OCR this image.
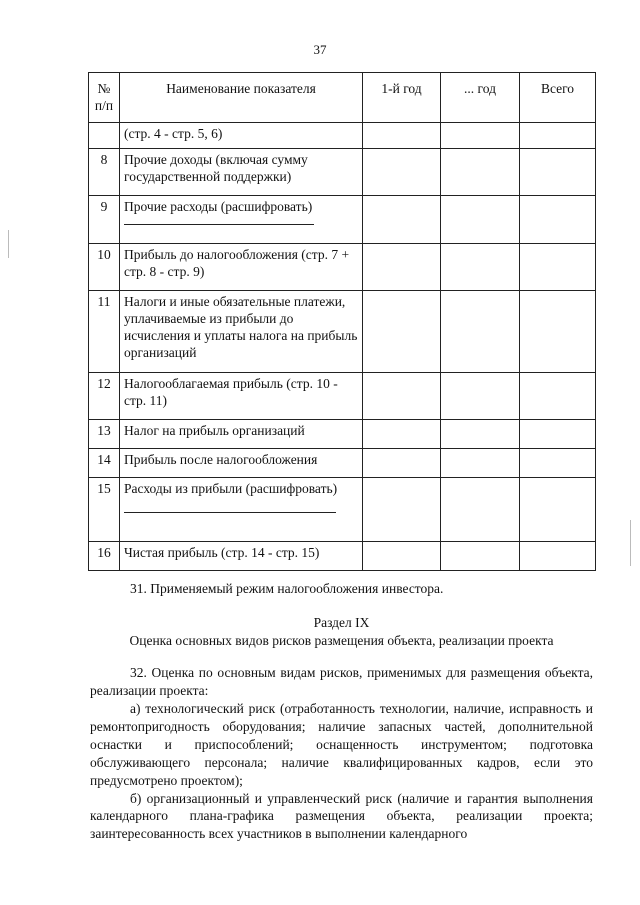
37
№ п/п	Наименование показателя	1-й год	... год	Всего
	(стр. 4 - стр. 5, 6)			
8	Прочие доходы (включая сумму государственной поддержки)			
9	Прочие расходы (расшифровать)

10	Прибыль до налогообложения (стр. 7 + стр. 8 - стр. 9)			
11	Налоги и иные обязательные платежи, уплачиваемые из прибыли до исчисления и уплаты налога на прибыль организаций			
12	Налогооблагаемая прибыль (стр. 10 - стр. 11)			
13	Налог на прибыль организаций			
14	Прибыль после налогообложения			
15	Расходы из прибыли (расшифровать)

16	Чистая прибыль (стр. 14 - стр. 15)			

31. Применяемый режим налогообложения инвестора.

Раздел IX

Оценка основных видов рисков размещения объекта, реализации проекта

32. Оценка по основным видам рисков, применимых для размещения объекта, реализации проекта:

а) технологический риск (отработанность технологии, наличие, исправность и ремонтопригодность оборудования; наличие запасных частей, дополнительной оснастки и приспособлений; оснащенность инструментом; подготовка обслуживающего персонала; наличие квалифицированных кадров, если это предусмотрено проектом);

б) организационный и управленческий риск (наличие и гарантия выполнения календарного плана-графика размещения объекта, реализации проекта; заинтересованность всех участников в выполнении календарного
